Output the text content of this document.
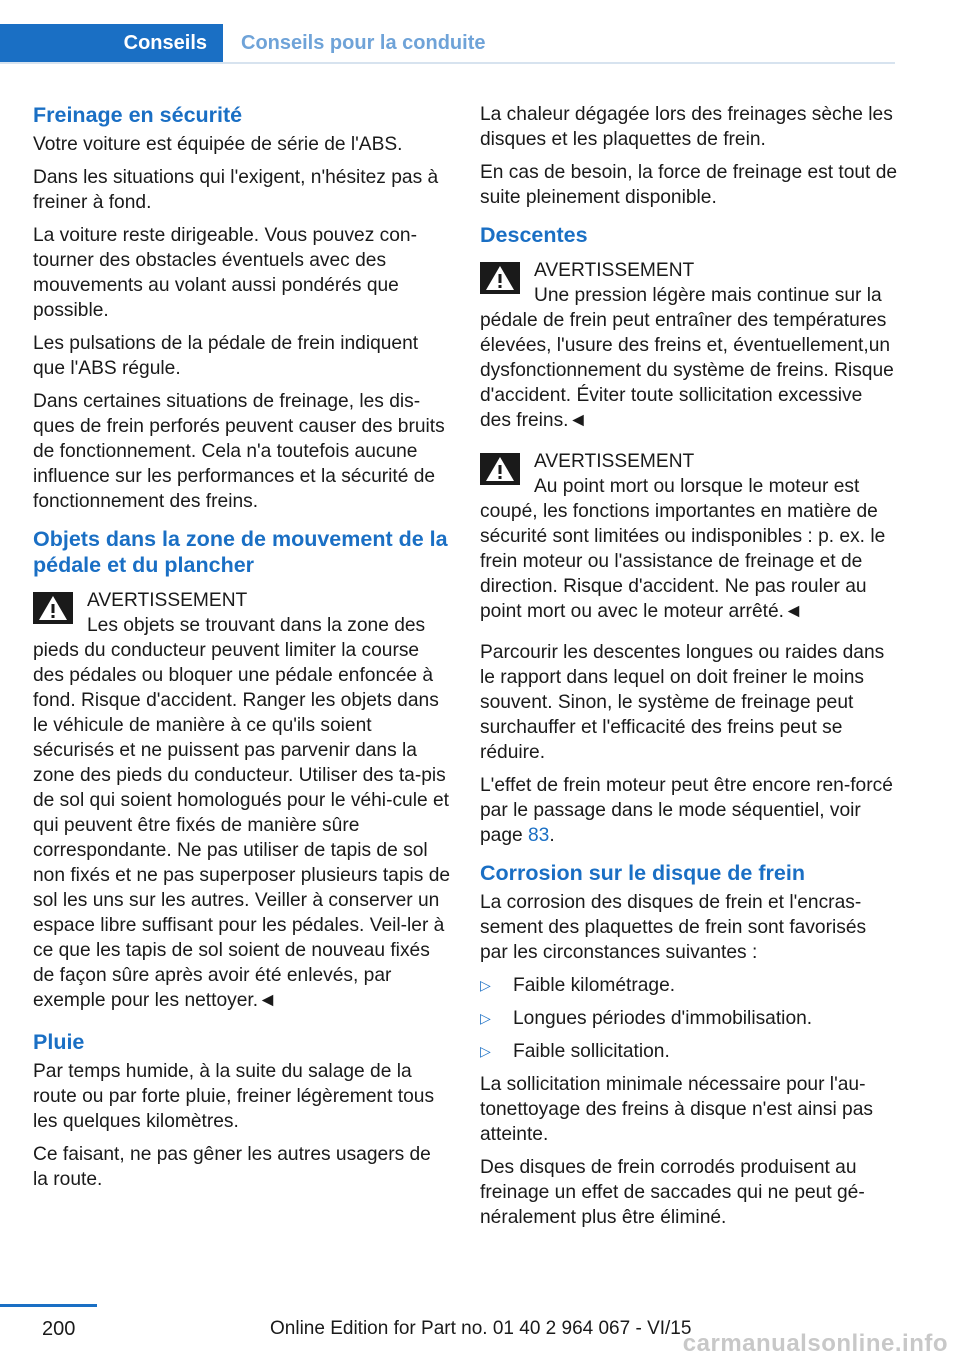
Conseils	Conseils pour la conduite
Freinage en sécurité

Votre voiture est équipée de série de l'ABS.

Dans les situations qui l'exigent, n'hésitez pas à freiner à fond.

La voiture reste dirigeable. Vous pouvez con‐tourner des obstacles éventuels avec des mouvements au volant aussi pondérés que possible.

Les pulsations de la pédale de frein indiquent que l'ABS régule.

Dans certaines situations de freinage, les dis‐ques de frein perforés peuvent causer des bruits de fonctionnement. Cela n'a toutefois aucune influence sur les performances et la sécurité de fonctionnement des freins.

Objets dans la zone de mouvement de la pédale et du plancher
AVERTISSEMENT
Les objets se trouvant dans la zone des pieds du conducteur peuvent limiter la course des pédales ou bloquer une pédale enfoncée à fond. Risque d'accident. Ranger les objets dans le véhicule de manière à ce qu'ils soient sécurisés et ne puissent pas parvenir dans la zone des pieds du conducteur. Utiliser des ta‐pis de sol qui soient homologués pour le véhi‐cule et qui peuvent être fixés de manière sûre correspondante. Ne pas utiliser de tapis de sol non fixés et ne pas superposer plusieurs tapis de sol les uns sur les autres. Veiller à conserver un espace libre suffisant pour les pédales. Veil‐ler à ce que les tapis de sol soient de nouveau fixés de façon sûre après avoir été enlevés, par exemple pour les nettoyer.◄
Pluie

Par temps humide, à la suite du salage de la route ou par forte pluie, freiner légèrement tous les quelques kilomètres.

Ce faisant, ne pas gêner les autres usagers de la route.

La chaleur dégagée lors des freinages sèche les disques et les plaquettes de frein.

En cas de besoin, la force de freinage est tout de suite pleinement disponible.

Descentes
AVERTISSEMENT
Une pression légère mais continue sur la pédale de frein peut entraîner des températures élevées, l'usure des freins et, éventuellement,un dysfonctionnement du système de freins. Risque d'accident. Éviter toute sollicitation excessive des freins.◄
AVERTISSEMENT
Au point mort ou lorsque le moteur est coupé, les fonctions importantes en matière de sécurité sont limitées ou indisponibles : p. ex. le frein moteur ou l'assistance de freinage et de direction. Risque d'accident. Ne pas rouler au point mort ou avec le moteur arrêté.◄

Parcourir les descentes longues ou raides dans le rapport dans lequel on doit freiner le moins souvent. Sinon, le système de freinage peut surchauffer et l'efficacité des freins peut se réduire.

L'effet de frein moteur peut être encore ren‐forcé par le passage dans le mode séquentiel, voir page 83.

Corrosion sur le disque de frein

La corrosion des disques de frein et l'encras‐sement des plaquettes de frein sont favorisés par les circonstances suivantes :

▷ Faible kilométrage.
▷ Longues périodes d'immobilisation.
▷ Faible sollicitation.

La sollicitation minimale nécessaire pour l'au‐tonettoyage des freins à disque n'est ainsi pas atteinte.

Des disques de frein corrodés produisent au freinage un effet de saccades qui ne peut gé‐néralement plus être éliminé.

200	Online Edition for Part no. 01 40 2 964 067 - VI/15
carmanualsonline.info
